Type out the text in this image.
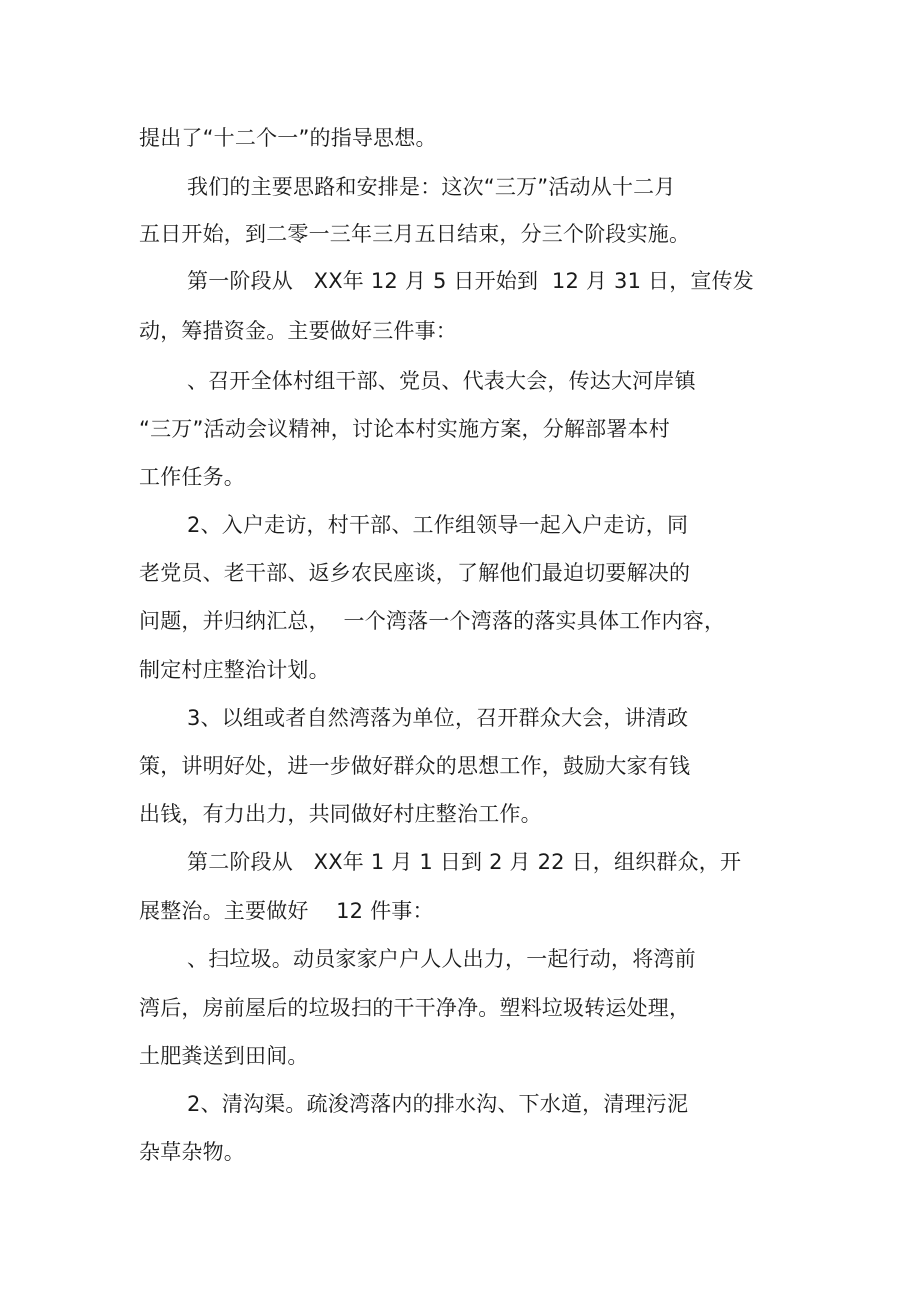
提出了“十二个一”的指导思想。
我们的主要思路和安排是：这次“三万”活动从十二月
五日开始，到二零一三年三月五日结束，分三个阶段实施。
第一阶段从   XX年 12 月 5 日开始到  12 月 31 日，宣传发
动，筹措资金。主要做好三件事：
、召开全体村组干部、党员、代表大会，传达大河岸镇
“三万”活动会议精神，讨论本村实施方案，分解部署本村
工作任务。
2、入户走访，村干部、工作组领导一起入户走访，同
老党员、老干部、返乡农民座谈，了解他们最迫切要解决的
问题，并归纳汇总，  一个湾落一个湾落的落实具体工作内容，
制定村庄整治计划。
3、以组或者自然湾落为单位，召开群众大会，讲清政
策，讲明好处，进一步做好群众的思想工作，鼓励大家有钱
出钱，有力出力，共同做好村庄整治工作。
第二阶段从   XX年 1 月 1 日到 2 月 22 日，组织群众，开
展整治。主要做好    12 件事：
、扫垃圾。动员家家户户人人出力，一起行动，将湾前
湾后，房前屋后的垃圾扫的干干净净。塑料垃圾转运处理，
土肥粪送到田间。
2、清沟渠。疏浚湾落内的排水沟、下水道，清理污泥
杂草杂物。
